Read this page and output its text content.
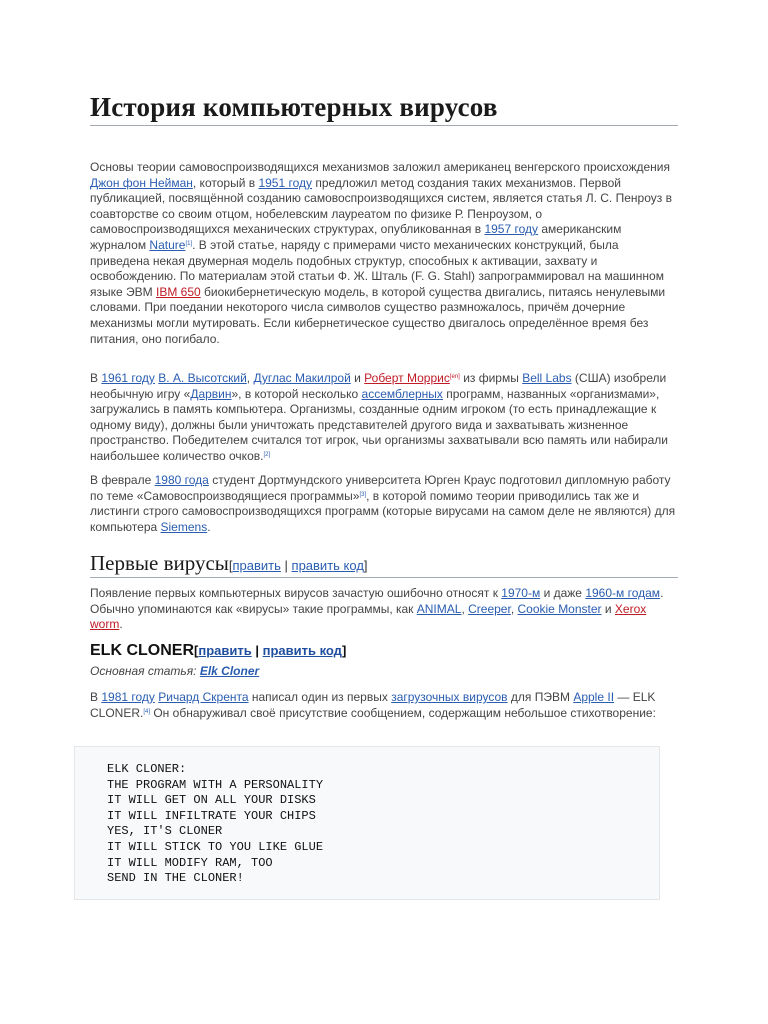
История компьютерных вирусов

Основы теории самовоспроизводящихся механизмов заложил американец венгерского происхождения Джон фон Нейман, который в 1951 году предложил метод создания таких механизмов. Первой публикацией, посвящённой созданию самовоспроизводящихся систем, является статья Л. С. Пенроуз в соавторстве со своим отцом, нобелевским лауреатом по физике Р. Пенроузом, о самовоспроизводящихся механических структурах, опубликованная в 1957 году американским журналом Nature[1]. В этой статье, наряду с примерами чисто механических конструкций, была приведена некая двумерная модель подобных структур, способных к активации, захвату и освобождению. По материалам этой статьи Ф. Ж. Шталь (F. G. Stahl) запрограммировал на машинном языке ЭВМ IBM 650 биокибернетическую модель, в которой существа двигались, питаясь ненулевыми словами. При поедании некоторого числа символов существо размножалось, причём дочерние механизмы могли мутировать. Если кибернетическое существо двигалось определённое время без питания, оно погибало.

В 1961 году В. А. Высотский, Дуглас Макилрой и Роберт Моррис[en] из фирмы Bell Labs (США) изобрели необычную игру «Дарвин», в которой несколько ассемблерных программ, названных «организмами», загружались в память компьютера. Организмы, созданные одним игроком (то есть принадлежащие к одному виду), должны были уничтожать представителей другого вида и захватывать жизненное пространство. Победителем считался тот игрок, чьи организмы захватывали всю память или набирали наибольшее количество очков.[2]

В феврале 1980 года студент Дортмундского университета Юрген Краус подготовил дипломную работу по теме «Самовоспроизводящиеся программы»[3], в которой помимо теории приводились так же и листинги строго самовоспроизводящихся программ (которые вирусами на самом деле не являются) для компьютера Siemens.

Первые вирусы[править | править код]

Появление первых компьютерных вирусов зачастую ошибочно относят к 1970-м и даже 1960-м годам. Обычно упоминаются как «вирусы» такие программы, как ANIMAL, Creeper, Cookie Monster и Xerox worm.

ELK CLONER[править | править код]
Основная статья: Elk Cloner

В 1981 году Ричард Скрента написал один из первых загрузочных вирусов для ПЭВМ Apple II — ELK CLONER.[4] Он обнаруживал своё присутствие сообщением, содержащим небольшое стихотворение:

ELK CLONER:
THE PROGRAM WITH A PERSONALITY
IT WILL GET ON ALL YOUR DISKS
IT WILL INFILTRATE YOUR CHIPS
YES, IT'S CLONER
IT WILL STICK TO YOU LIKE GLUE
IT WILL MODIFY RAM, TOO
SEND IN THE CLONER!
